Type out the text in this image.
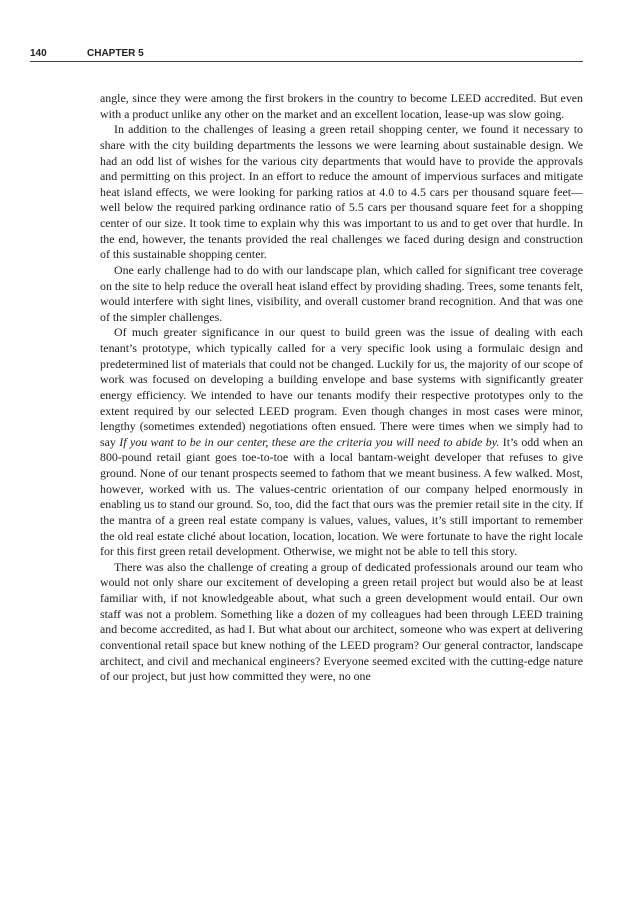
140	CHAPTER 5

angle, since they were among the first brokers in the country to become LEED accredited. But even with a product unlike any other on the market and an excellent location, lease-up was slow going.

In addition to the challenges of leasing a green retail shopping center, we found it necessary to share with the city building departments the lessons we were learning about sustainable design. We had an odd list of wishes for the various city departments that would have to provide the approvals and permitting on this project. In an effort to reduce the amount of impervious surfaces and mitigate heat island effects, we were looking for parking ratios at 4.0 to 4.5 cars per thousand square feet—well below the required parking ordinance ratio of 5.5 cars per thousand square feet for a shopping center of our size. It took time to explain why this was important to us and to get over that hurdle. In the end, however, the tenants provided the real challenges we faced during design and construction of this sustainable shopping center.

One early challenge had to do with our landscape plan, which called for significant tree coverage on the site to help reduce the overall heat island effect by providing shading. Trees, some tenants felt, would interfere with sight lines, visibility, and overall customer brand recognition. And that was one of the simpler challenges.

Of much greater significance in our quest to build green was the issue of dealing with each tenant’s prototype, which typically called for a very specific look using a formulaic design and predetermined list of materials that could not be changed. Luckily for us, the majority of our scope of work was focused on developing a building envelope and base systems with significantly greater energy efficiency. We intended to have our tenants modify their respective prototypes only to the extent required by our selected LEED program. Even though changes in most cases were minor, lengthy (sometimes extended) negotiations often ensued. There were times when we simply had to say If you want to be in our center, these are the criteria you will need to abide by. It’s odd when an 800-pound retail giant goes toe-to-toe with a local bantam-weight developer that refuses to give ground. None of our tenant prospects seemed to fathom that we meant business. A few walked. Most, however, worked with us. The values-centric orientation of our company helped enormously in enabling us to stand our ground. So, too, did the fact that ours was the premier retail site in the city. If the mantra of a green real estate company is values, values, values, it’s still important to remember the old real estate cliché about location, location, location. We were fortunate to have the right locale for this first green retail development. Otherwise, we might not be able to tell this story.

There was also the challenge of creating a group of dedicated professionals around our team who would not only share our excitement of developing a green retail project but would also be at least familiar with, if not knowledgeable about, what such a green development would entail. Our own staff was not a problem. Something like a dozen of my colleagues had been through LEED training and become accredited, as had I. But what about our architect, someone who was expert at delivering conventional retail space but knew nothing of the LEED program? Our general contractor, landscape architect, and civil and mechanical engineers? Everyone seemed excited with the cutting-edge nature of our project, but just how committed they were, no one
